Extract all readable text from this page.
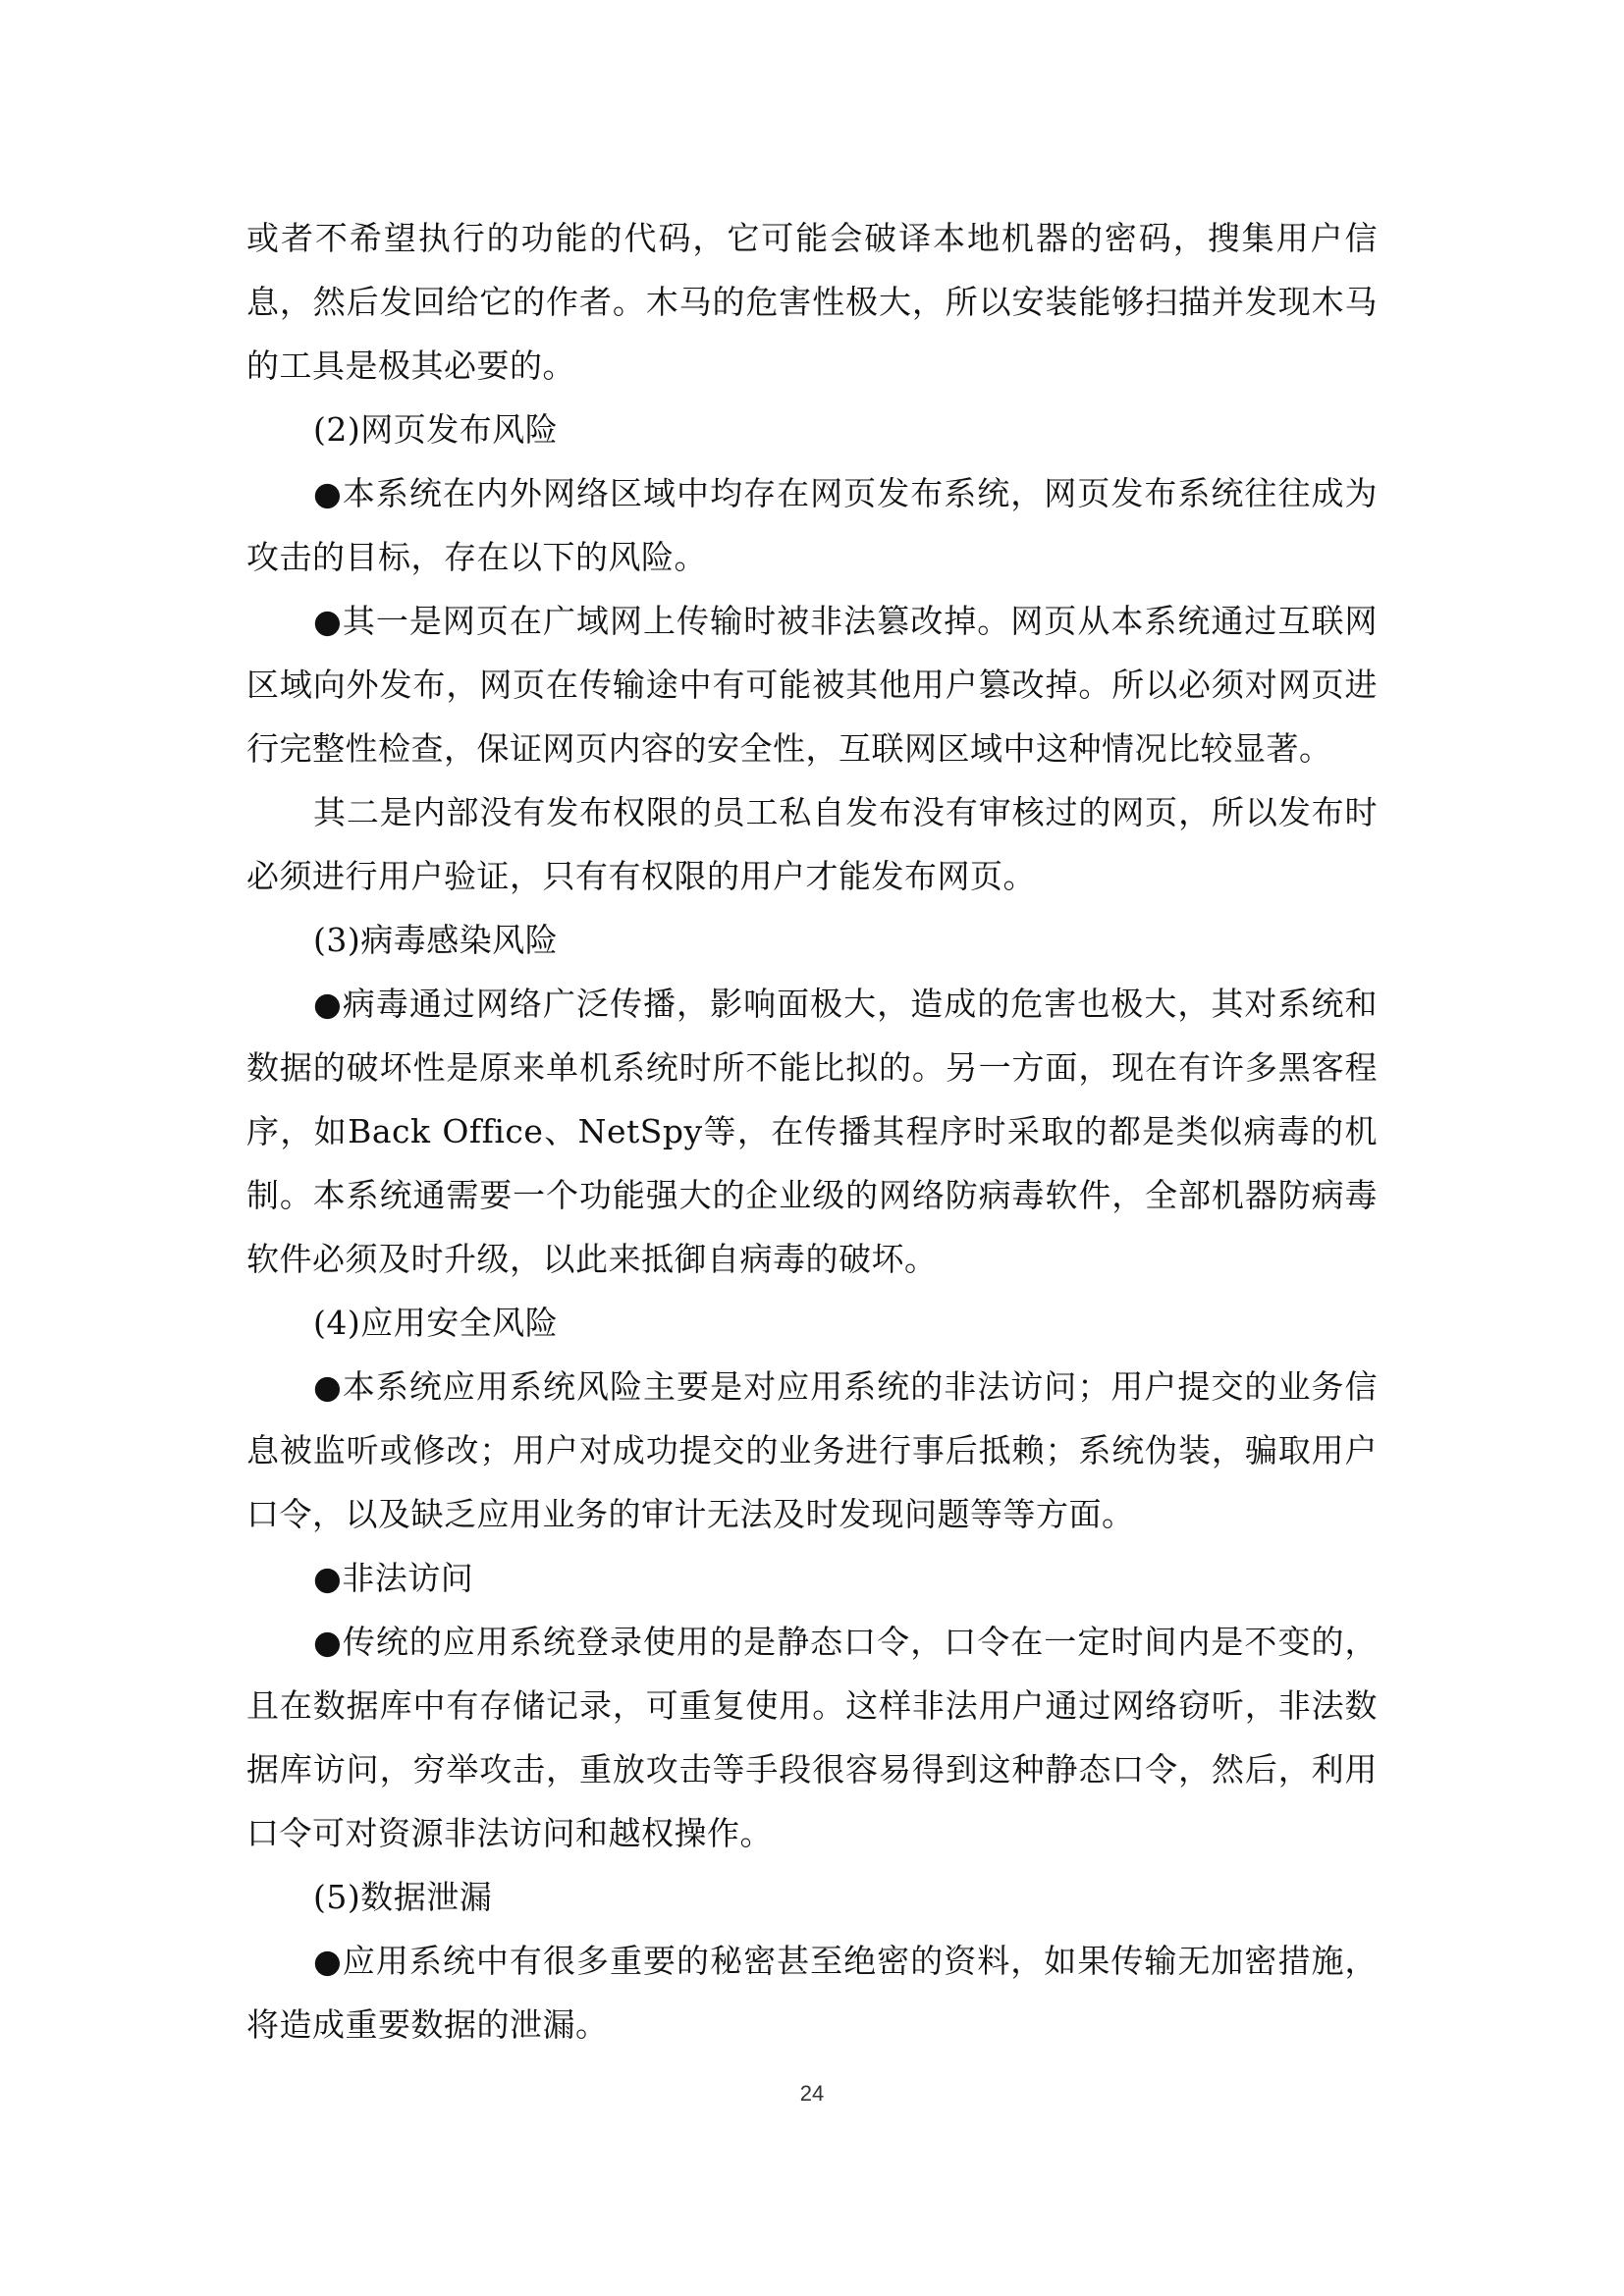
或者不希望执行的功能的代码，它可能会破译本地机器的密码，搜集用户信息，然后发回给它的作者。木马的危害性极大，所以安装能够扫描并发现木马的工具是极其必要的。

(2)网页发布风险

●本系统在内外网络区域中均存在网页发布系统，网页发布系统往往成为攻击的目标，存在以下的风险。

●其一是网页在广域网上传输时被非法篡改掉。网页从本系统通过互联网区域向外发布，网页在传输途中有可能被其他用户篡改掉。所以必须对网页进行完整性检查，保证网页内容的安全性，互联网区域中这种情况比较显著。

其二是内部没有发布权限的员工私自发布没有审核过的网页，所以发布时必须进行用户验证，只有有权限的用户才能发布网页。

(3)病毒感染风险

●病毒通过网络广泛传播，影响面极大，造成的危害也极大，其对系统和数据的破坏性是原来单机系统时所不能比拟的。另一方面，现在有许多黑客程序，如Back Office、NetSpy等，在传播其程序时采取的都是类似病毒的机制。本系统通需要一个功能强大的企业级的网络防病毒软件，全部机器防病毒软件必须及时升级，以此来抵御自病毒的破坏。

(4)应用安全风险

●本系统应用系统风险主要是对应用系统的非法访问；用户提交的业务信息被监听或修改；用户对成功提交的业务进行事后抵赖；系统伪装，骗取用户口令，以及缺乏应用业务的审计无法及时发现问题等等方面。

●非法访问

●传统的应用系统登录使用的是静态口令，口令在一定时间内是不变的，且在数据库中有存储记录，可重复使用。这样非法用户通过网络窃听，非法数据库访问，穷举攻击，重放攻击等手段很容易得到这种静态口令，然后，利用口令可对资源非法访问和越权操作。

(5)数据泄漏

●应用系统中有很多重要的秘密甚至绝密的资料，如果传输无加密措施，将造成重要数据的泄漏。

24
